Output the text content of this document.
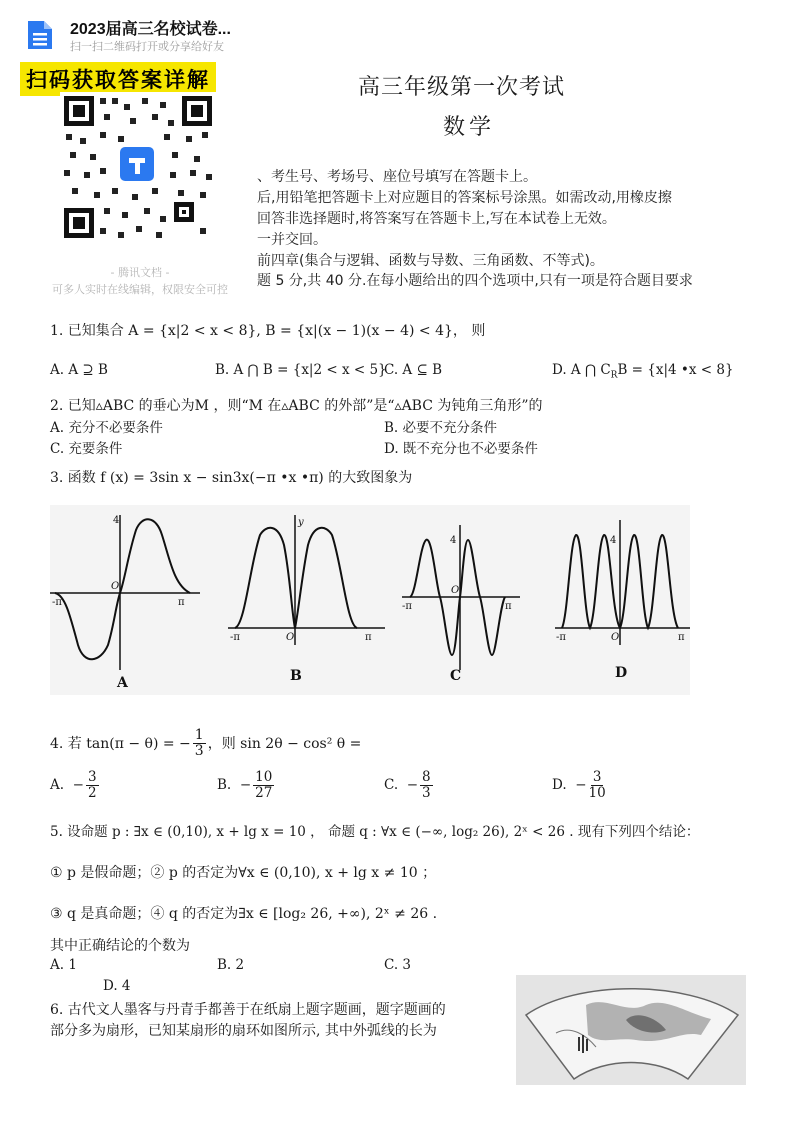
2023届高三名校试卷...
扫一扫二维码打开或分享给好友
扫码获取答案详解
- 腾讯文档 -
可多人实时在线编辑，权限安全可控
高三年级第一次考试
数学
、考生号、考场号、座位号填写在答题卡上。
后,用铅笔把答题卡上对应题目的答案标号涂黑。如需改动,用橡皮擦
回答非选择题时,将答案写在答题卡上,写在本试卷上无效。
一并交回。
前四章(集合与逻辑、函数与导数、三角函数、不等式)。
题 5 分,共 40 分.在每小题给出的四个选项中,只有一项是符合题目要求
1. 已知集合 A = {x|2 < x < 8}, B = {x|(x − 1)(x − 4) < 4}， 则
A. A ⊇ B	B. A ⋂ B = {x|2 < x < 5}
C. A ⊆ B	D. A ⋂ $C_RB = \{x|4$ •x < 8}
2. 已知▵ABC 的垂心为M ，则“M 在▵ABC 的外部”是“▵ABC 为钝角三角形”的
A. 充分不必要条件	B. 必要不充分条件
C. 充要条件	D. 既不充分也不必要条件
3. 函数 f (x) = 3sin x − sin3x(−π •x •π) 的大致图象为
4
-π	π
O
y
-π	π
O
4
-π	π
O
4
-π	π
O
A	B	C	D
4. 若 tan(π − θ) = − $\frac{1}{3}$ ，则 sin 2θ − cos² θ =
A. − $\frac{3}{2}$	B. − $\frac{10}{27}$	C. − $\frac{8}{3}$	D. − $\frac{3}{10}$
5. 设命题 p : ∃x ∈ (0,10), x + lg x = 10 ， 命题 q : ∀x ∈ (−∞, log₂ 26), 2ˣ < 26 . 现有下列四个结论：
① p 是假命题；② p 的否定为∀x ∈ (0,10), x + lg x ≠ 10 ；
③ q 是真命题；④ q 的否定为∃x ∈ [log₂ 26, +∞), 2ˣ ≠ 26 .
其中正确结论的个数为
A. 1	B. 2	C. 3
D. 4
6. 古代文人墨客与丹青手都善于在纸扇上题字题画，题字题画的
部分多为扇形，已知某扇形的扇环如图所示, 其中外弧线的长为
